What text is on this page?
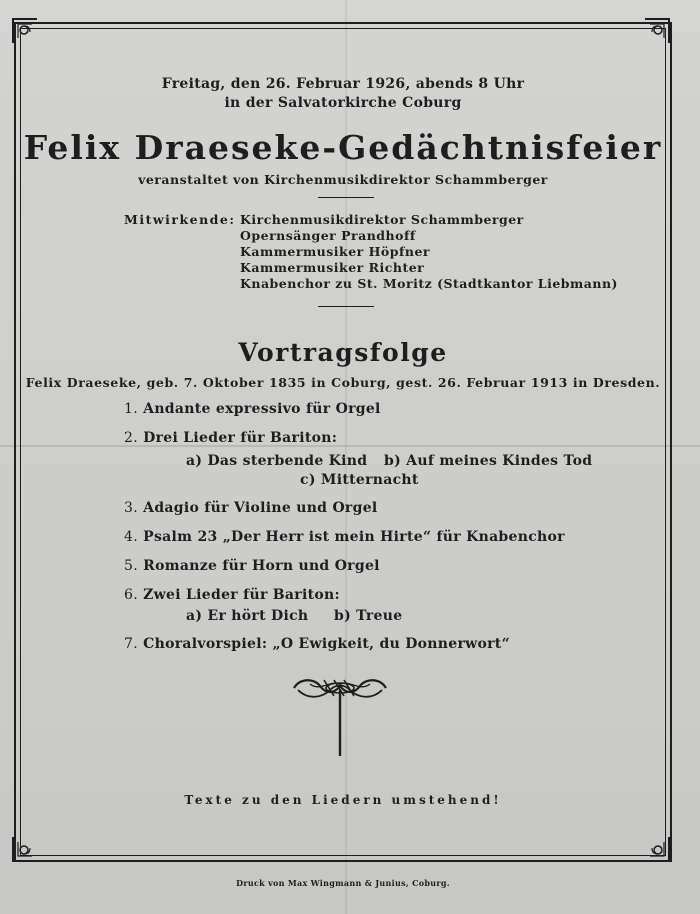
Freitag, den 26. Februar 1926, abends 8 Uhr
in der Salvatorkirche Coburg
Felix Draeseke-Gedächtnisfeier
veranstaltet von Kirchenmusikdirektor Schammberger
Mitwirkende: Kirchenmusikdirektor Schammberger
Opernsänger Prandhoff
Kammermusiker Höpfner
Kammermusiker Richter
Knabenchor zu St. Moritz (Stadtkantor Liebmann)
Vortragsfolge
Felix Draeseke, geb. 7. Oktober 1835 in Coburg, gest. 26. Februar 1913 in Dresden.
1. Andante expressivo für Orgel
2. Drei Lieder für Bariton:
a) Das sterbende Kind b) Auf meines Kindes Tod
c) Mitternacht
3. Adagio für Violine und Orgel
4. Psalm 23 „Der Herr ist mein Hirte“ für Knabenchor
5. Romanze für Horn und Orgel
6. Zwei Lieder für Bariton:
a) Er hört Dich b) Treue
7. Choralvorspiel: „O Ewigkeit, du Donnerwort“
Texte zu den Liedern umstehend!
Druck von Max Wingmann & Junius, Coburg.
